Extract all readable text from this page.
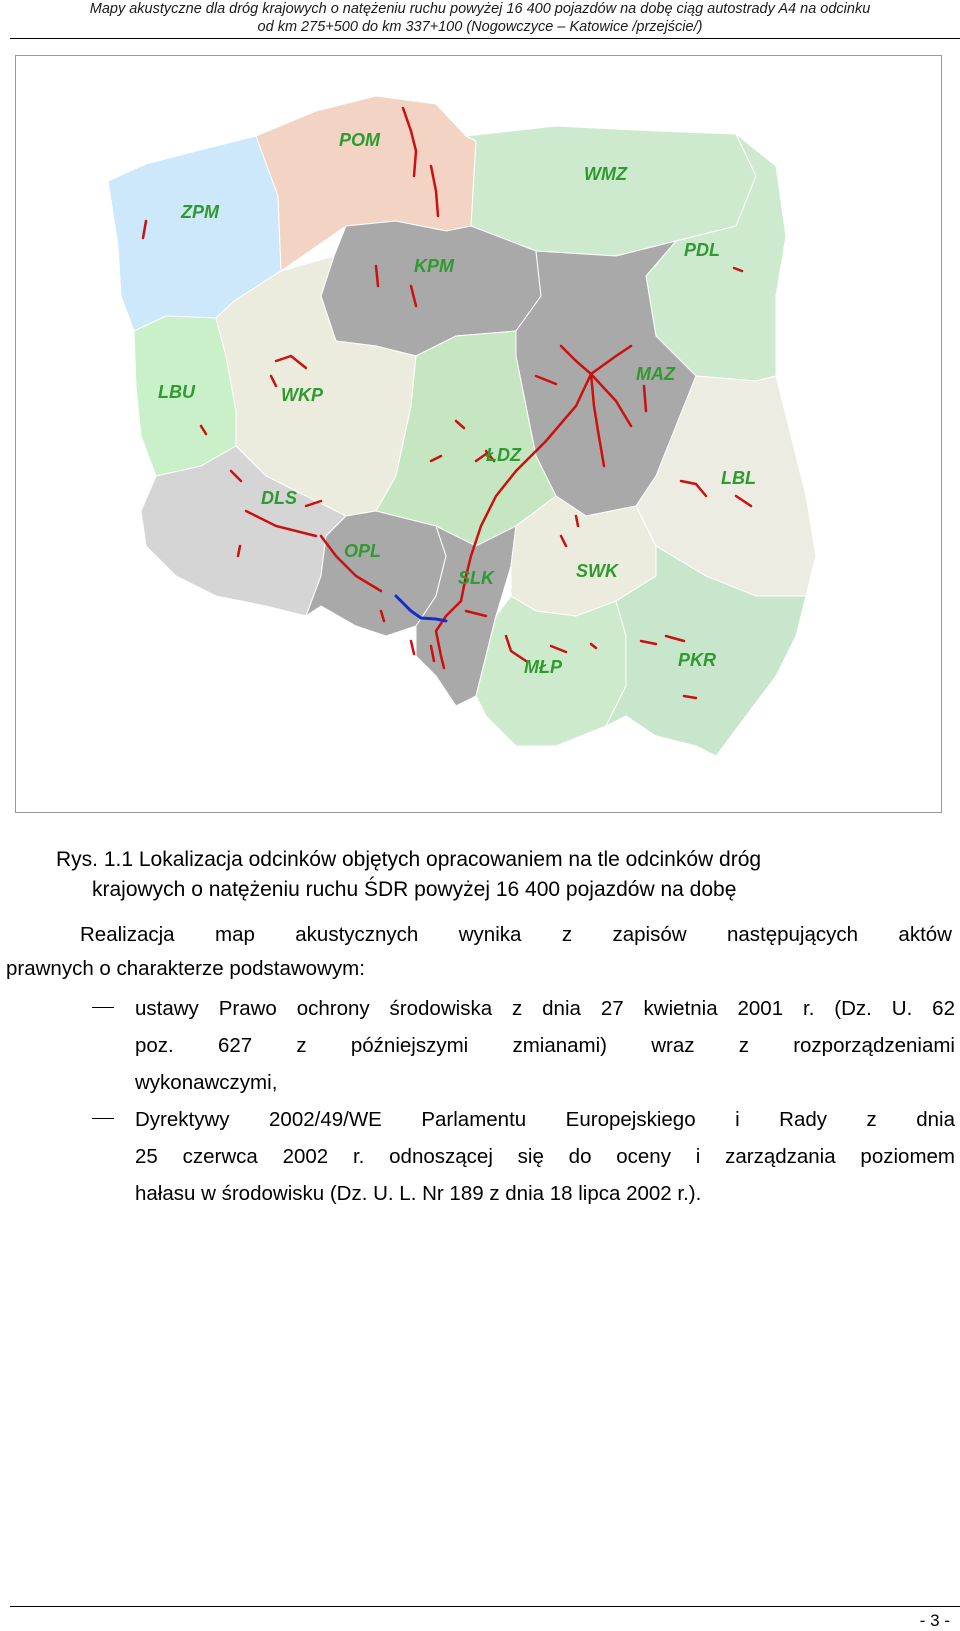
Mapy akustyczne dla dróg krajowych o natężeniu ruchu powyżej 16 400 pojazdów na dobę ciąg autostrady A4 na odcinku
od km 275+500 do km 337+100 (Nogowczyce – Katowice /przejście/)
POM
ZPM
WMZ
PDL
KPM
LBU	WKP
MAZ
ŁDZ
LBL
DLS
OPL
SLK	SWK
MŁP	PKR
Rys. 1.1 Lokalizacja odcinków objętych opracowaniem na tle odcinków dróg
krajowych o natężeniu ruchu ŚDR powyżej 16 400 pojazdów na dobę
Realizacja map akustycznych wynika z zapisów następujących aktów
prawnych o charakterze podstawowym:
ustawy Prawo ochrony środowiska z dnia 27 kwietnia 2001 r. (Dz. U. 62
poz. 627 z późniejszymi zmianami) wraz z rozporządzeniami
wykonawczymi,
Dyrektywy 2002/49/WE Parlamentu Europejskiego i Rady z dnia
25 czerwca 2002 r. odnoszącej się do oceny i zarządzania poziomem
hałasu w środowisku (Dz. U. L. Nr 189 z dnia 18 lipca 2002 r.).
- 3 -
